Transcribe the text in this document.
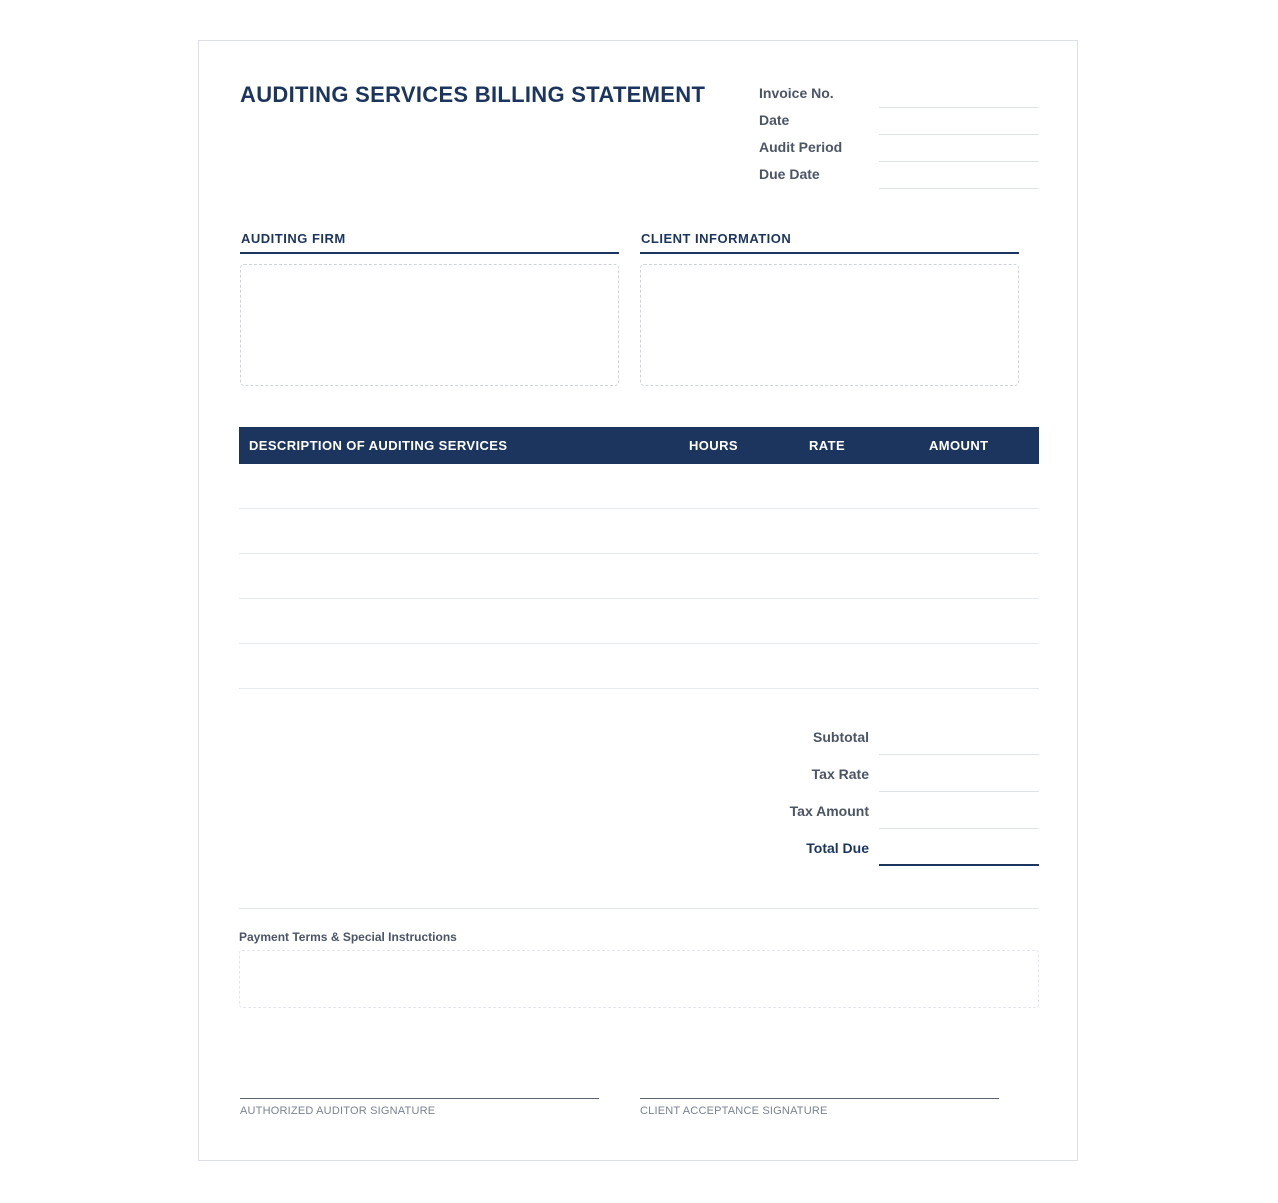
AUDITING SERVICES BILLING STATEMENT	Invoice No.
Date
Audit Period
Due Date
AUDITING FIRM	CLIENT INFORMATION
DESCRIPTION OF AUDITING SERVICES	HOURS	RATE	AMOUNT
Subtotal
Tax Rate
Tax Amount
Total Due
Payment Terms & Special Instructions
AUTHORIZED AUDITOR SIGNATURE	CLIENT ACCEPTANCE SIGNATURE
